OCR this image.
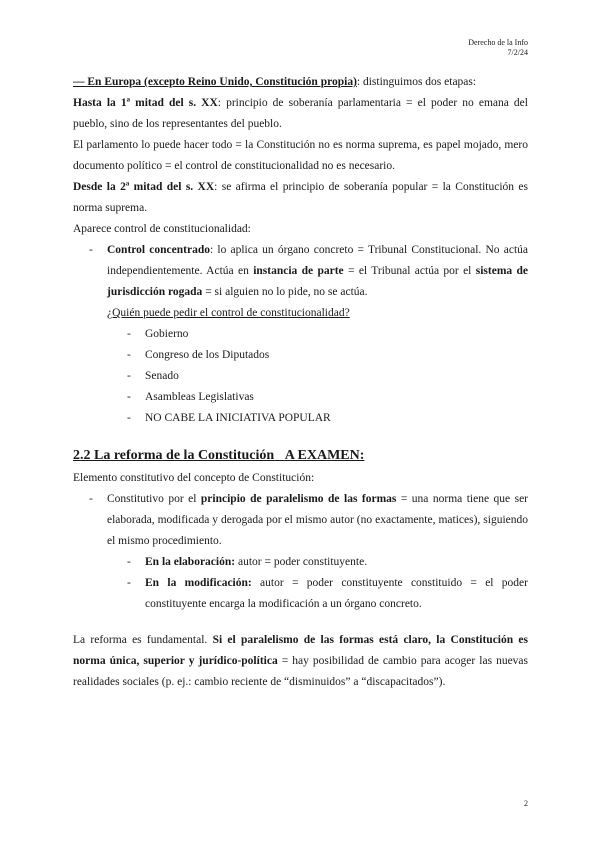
Derecho de la Info
7/2/24

— En Europa (excepto Reino Unido, Constitución propia): distinguimos dos etapas:

Hasta la 1ª mitad del s. XX: principio de soberanía parlamentaria = el poder no emana del pueblo, sino de los representantes del pueblo.

El parlamento lo puede hacer todo = la Constitución no es norma suprema, es papel mojado, mero documento político = el control de constitucionalidad no es necesario.

Desde la 2ª mitad del s. XX: se afirma el principio de soberanía popular = la Constitución es norma suprema.

Aparece control de constitucionalidad:

- Control concentrado: lo aplica un órgano concreto = Tribunal Constitucional. No actúa independientemente. Actúa en instancia de parte = el Tribunal actúa por el sistema de jurisdicción rogada = si alguien no lo pide, no se actúa.

¿Quién puede pedir el control de constitucionalidad?

- Gobierno
- Congreso de los Diputados
- Senado
- Asambleas Legislativas
- NO CABE LA INICIATIVA POPULAR

2.2 La reforma de la Constitución A EXAMEN:

Elemento constitutivo del concepto de Constitución:

- Constitutivo por el principio de paralelismo de las formas = una norma tiene que ser elaborada, modificada y derogada por el mismo autor (no exactamente, matices), siguiendo el mismo procedimiento.
- En la elaboración: autor = poder constituyente.
- En la modificación: autor = poder constituyente constituido = el poder constituyente encarga la modificación a un órgano concreto.

La reforma es fundamental. Si el paralelismo de las formas está claro, la Constitución es norma única, superior y jurídico-política = hay posibilidad de cambio para acoger las nuevas realidades sociales (p. ej.: cambio reciente de “disminuidos” a “discapacitados”).

2
